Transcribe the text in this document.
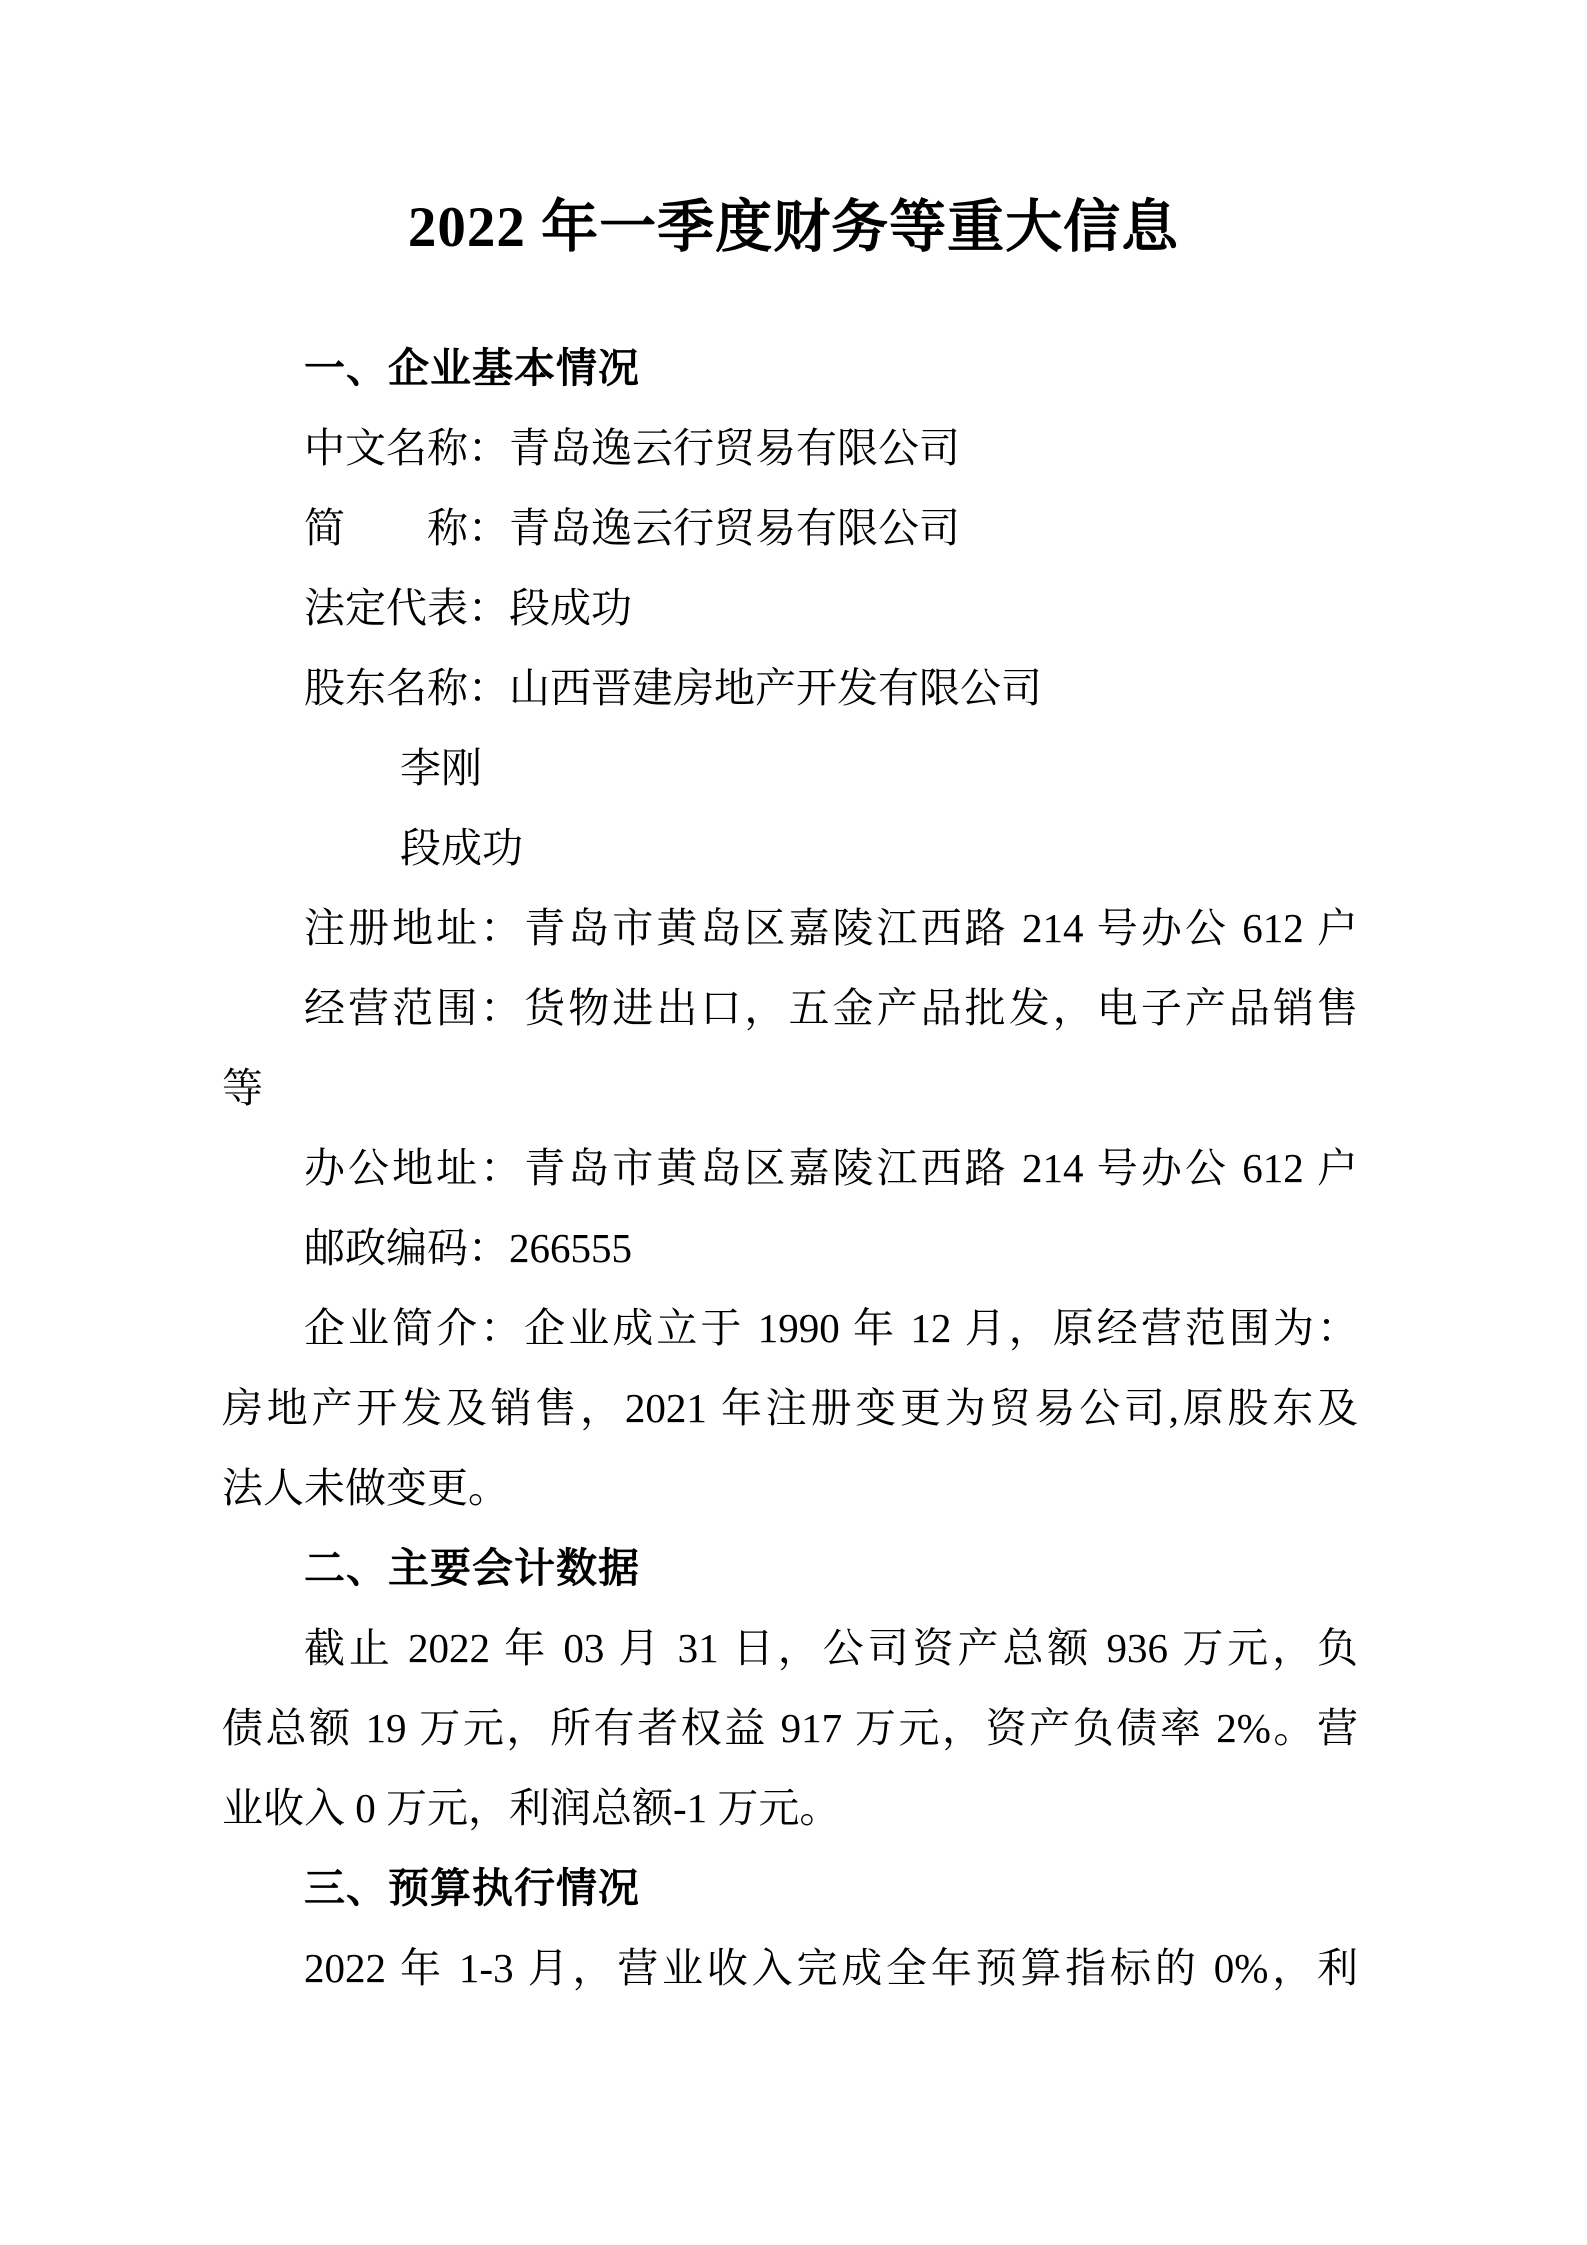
2022 年一季度财务等重大信息
一、企业基本情况
中文名称：青岛逸云行贸易有限公司
简　　称：青岛逸云行贸易有限公司
法定代表：段成功
股东名称：山西晋建房地产开发有限公司
李刚
段成功
注册地址：青岛市黄岛区嘉陵江西路 214 号办公 612 户
经营范围：货物进出口，五金产品批发，电子产品销售
等
办公地址：青岛市黄岛区嘉陵江西路 214 号办公 612 户
邮政编码：266555
企业简介：企业成立于 1990 年 12 月，原经营范围为：
房地产开发及销售，2021 年注册变更为贸易公司,原股东及
法人未做变更。
二、主要会计数据
截止 2022 年 03 月 31 日，公司资产总额 936 万元，负
债总额 19 万元，所有者权益 917 万元，资产负债率 2%。营
业收入 0 万元，利润总额-1 万元。
三、预算执行情况
2022 年 1-3 月，营业收入完成全年预算指标的 0%，利
